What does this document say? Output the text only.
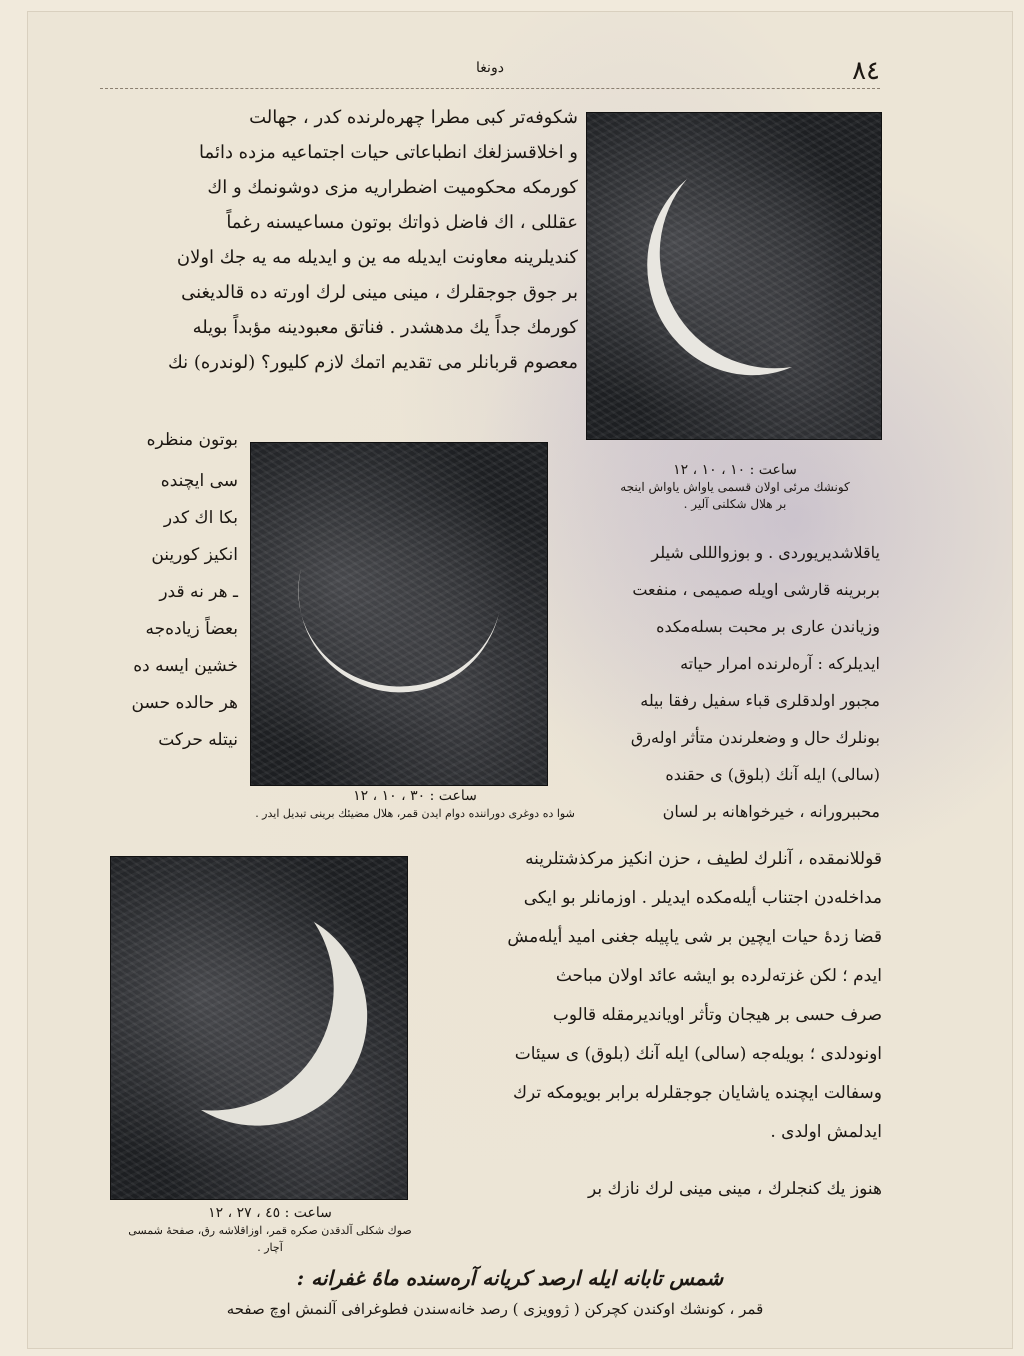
٨٤
دونغا
ساعت : ١٠ ، ١٠ ، ١٢
كونشك مرئی اولان قسمی یاواش یاواش اینجه
بر هلال شكلنی آلیر .
ساعت : ٣٠ ، ١٠ ، ١٢
شوا ده دوغری دوراننده دوام ایدن قمر، هلال مضیئك برینی تبدیل ایدر .
ساعت : ٤٥ ، ٢٧ ، ١٢
صوك شكلی آلدقدن صكره قمر، اوزاقلاشه رق، صفحهٔ شمسی آچار .
شكوفه‌تر كبی مطرا چهره‌لرنده كدر ، جهالت
و اخلاقسزلغك انطباعاتی حیات اجتماعیه مزده دائما
كورمكه محكومیت اضطراریه مزی دوشونمك و اك
عقللی ، اك فاضل ذواتك بوتون مساعیسنه رغماً
كندیلرینه معاونت ایدیله مه ین و ایدیله مه یه جك اولان
بر جوق جوجقلرك ، مینی مینی لرك اورته ده قالدیغنی
كورمك جداً یك مدهشدر . فناتق معبودینه مؤبداً بویله
معصوم قربانلر می تقدیم اتمك لازم كلیور؟ (لوندره) نك
بوتون منظره
سی ایچنده
بكا اك كدر
انكیز كورینن
ـ هر نه قدر
بعضاً زیاده‌جه
خشین ایسه ده
هر حالده حسن
نیتله حركت
یاقلاشدیریوردی . و بوزوالللی شیلر
بربرینه قارشی اویله صمیمی ، منفعت
وزیاندن عاری بر محبت بسله‌مكده
ایدیلركه : آره‌لرنده امرار حیاته
مجبور اولدقلری قباء سفیل رفقا بیله
بونلرك حال و وضعلرندن متأثر اوله‌رق
(سالی) ایله آنك (بلوق) ی حقنده
محببرورانه ، خیرخواهانه بر لسان
قوللانمقده ، آنلرك لطیف ، حزن انكیز مركذشتلرینه
مداخله‌دن اجتناب أیله‌مكده ایدیلر . اوزمانلر بو ایكی
قضا زدهٔ حیات ایچین بر شی یاپیله جغنی امید أیله‌مش
ایدم ؛ لكن غزته‌لرده بو ایشه عائد اولان مباحث
صرف حسی بر هیجان وتأثر اویاندیرمقله قالوب
اونودلدی ؛ بویله‌جه (سالی) ایله آنك (بلوق) ی سیئات
وسفالت ایچنده یاشایان جوجقلرله برابر بویومكه ترك
ایدلمش اولدی .
هنوز یك كنجلرك ، مینی مینی لرك نازك بر
شمس تابانه ایله ارصد كریانه آره‌سنده ماهٔ غفرانه :
قمر ، كونشك اوكندن كچركن ( ژوویزی ) رصد خانه‌سندن فطوغرافی آلنمش اوچ صفحه
